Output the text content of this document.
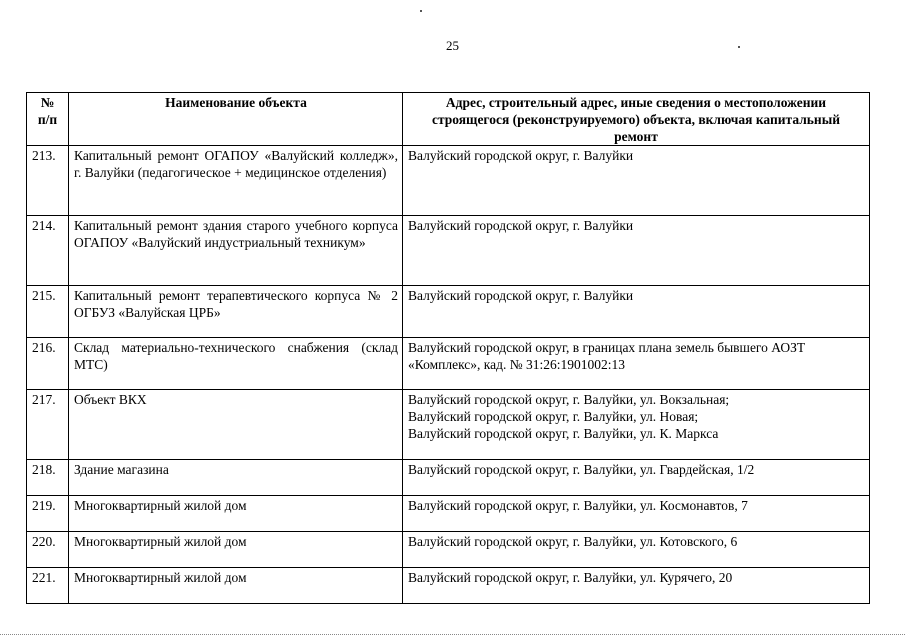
25
№ п/п	Наименование объекта	Адрес, строительный адрес, иные сведения о местоположении строящегося (реконструируемого) объекта, включая капитальный ремонт
213.	Капитальный ремонт ОГАПОУ «Валуйский колледж», г. Валуйки (педагогическое + медицинское отделения)	Валуйский городской округ, г. Валуйки

214.	Капитальный ремонт здания старого учебного корпуса ОГАПОУ «Валуйский индустриальный техникум»	Валуйский городской округ, г. Валуйки

215.	Капитальный ремонт терапевтического корпуса № 2 ОГБУЗ «Валуйская ЦРБ»	Валуйский городской округ, г. Валуйки

216.	Склад материально-технического снабжения (склад МТС)	Валуйский городской округ, в границах плана земель бывшего АОЗТ «Комплекс», кад. № 31:26:1901002:13

217.	Объект ВКХ	Валуйский городской округ, г. Валуйки, ул. Вокзальная;
Валуйский городской округ, г. Валуйки, ул. Новая;
Валуйский городской округ, г. Валуйки, ул. К. Маркса

218.	Здание магазина	Валуйский городской округ, г. Валуйки, ул. Гвардейская, 1/2

219.	Многоквартирный жилой дом	Валуйский городской округ, г. Валуйки, ул. Космонавтов, 7

220.	Многоквартирный жилой дом	Валуйский городской округ, г. Валуйки, ул. Котовского, 6

221.	Многоквартирный жилой дом	Валуйский городской округ, г. Валуйки, ул. Курячего, 20
